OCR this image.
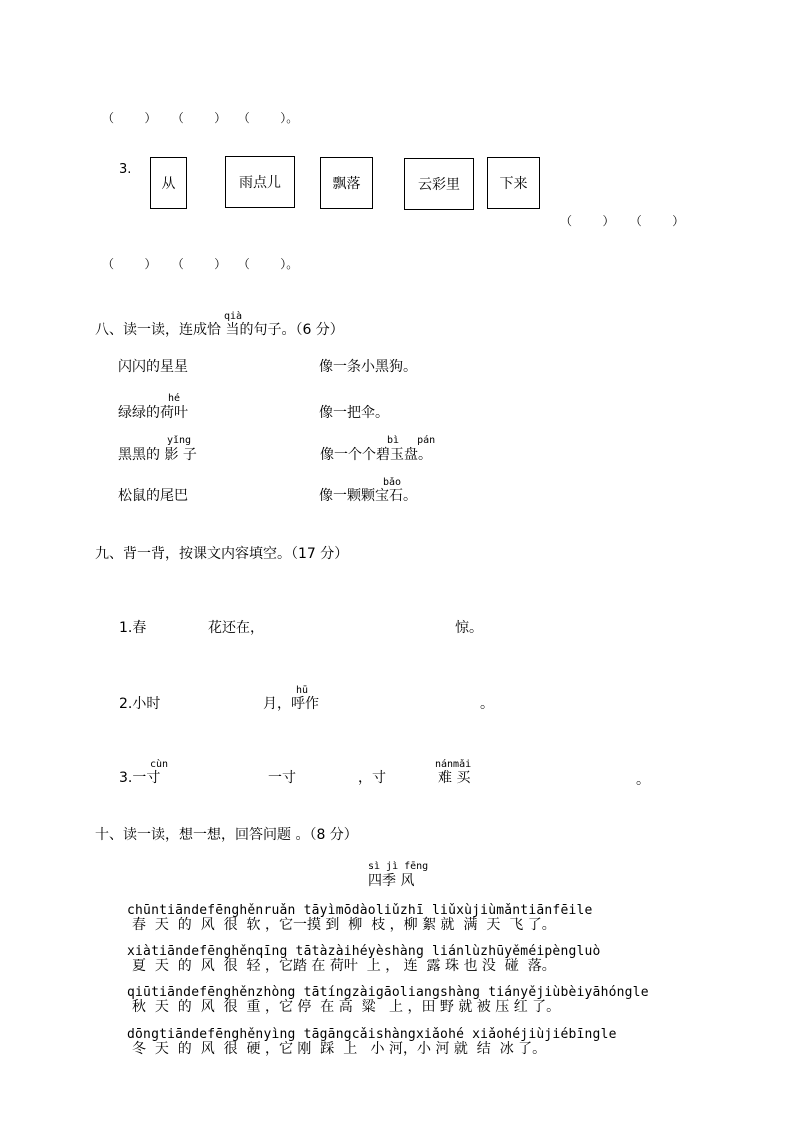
（        ）    （        ）   （        ）。
3.
从	雨点儿	飘落	云彩里	下来
（        ）    （        ）
（        ）    （        ）   （        ）。
qià
八、读一读，连成恰 当的句子。（6 分）
闪闪的星星	像一条小黑狗。
hé
绿绿的荷叶	像一把伞。
yǐng	bì   pán
黑黑的 影 子	像一个个碧玉盘。
bǎo
松鼠的尾巴	像一颗颗宝石。
九、背一背，按课文内容填空。（17 分）
1.春	花还在，	惊。
hū
2.小时	月，呼作	。
cùn	nánmǎi
3.一寸	一寸	，寸	难 买	。
十、读一读，想一想，回答问题 。（8 分）
sì jì fēng
四季 风
chūntiāndefēnghěnruǎn tāyìmōdàoliǔzhī liǔxùjiùmǎntiānfēile
春  天  的  风  很  软 ，它一摸 到  柳  枝 ，柳 絮 就  满  天  飞 了。
xiàtiāndefēnghěnqīng tātàzàihéyèshàng liánlùzhūyěméipèngluò
夏  天  的  风  很  轻 ，它踏 在 荷叶  上 ， 连  露 珠 也 没  碰  落。
qiūtiāndefēnghěnzhòng tātíngzàigāoliangshàng tiányějiùbèiyāhóngle
秋  天  的  风  很  重 ，它 停  在 高  粱   上 ，田 野 就 被 压 红 了。
dōngtiāndefēnghěnyìng tāgāngcǎishàngxiǎohé xiǎohéjiùjiébīngle
冬  天  的  风  很  硬 ，它 刚  踩  上   小 河，小 河 就  结  冰 了。
